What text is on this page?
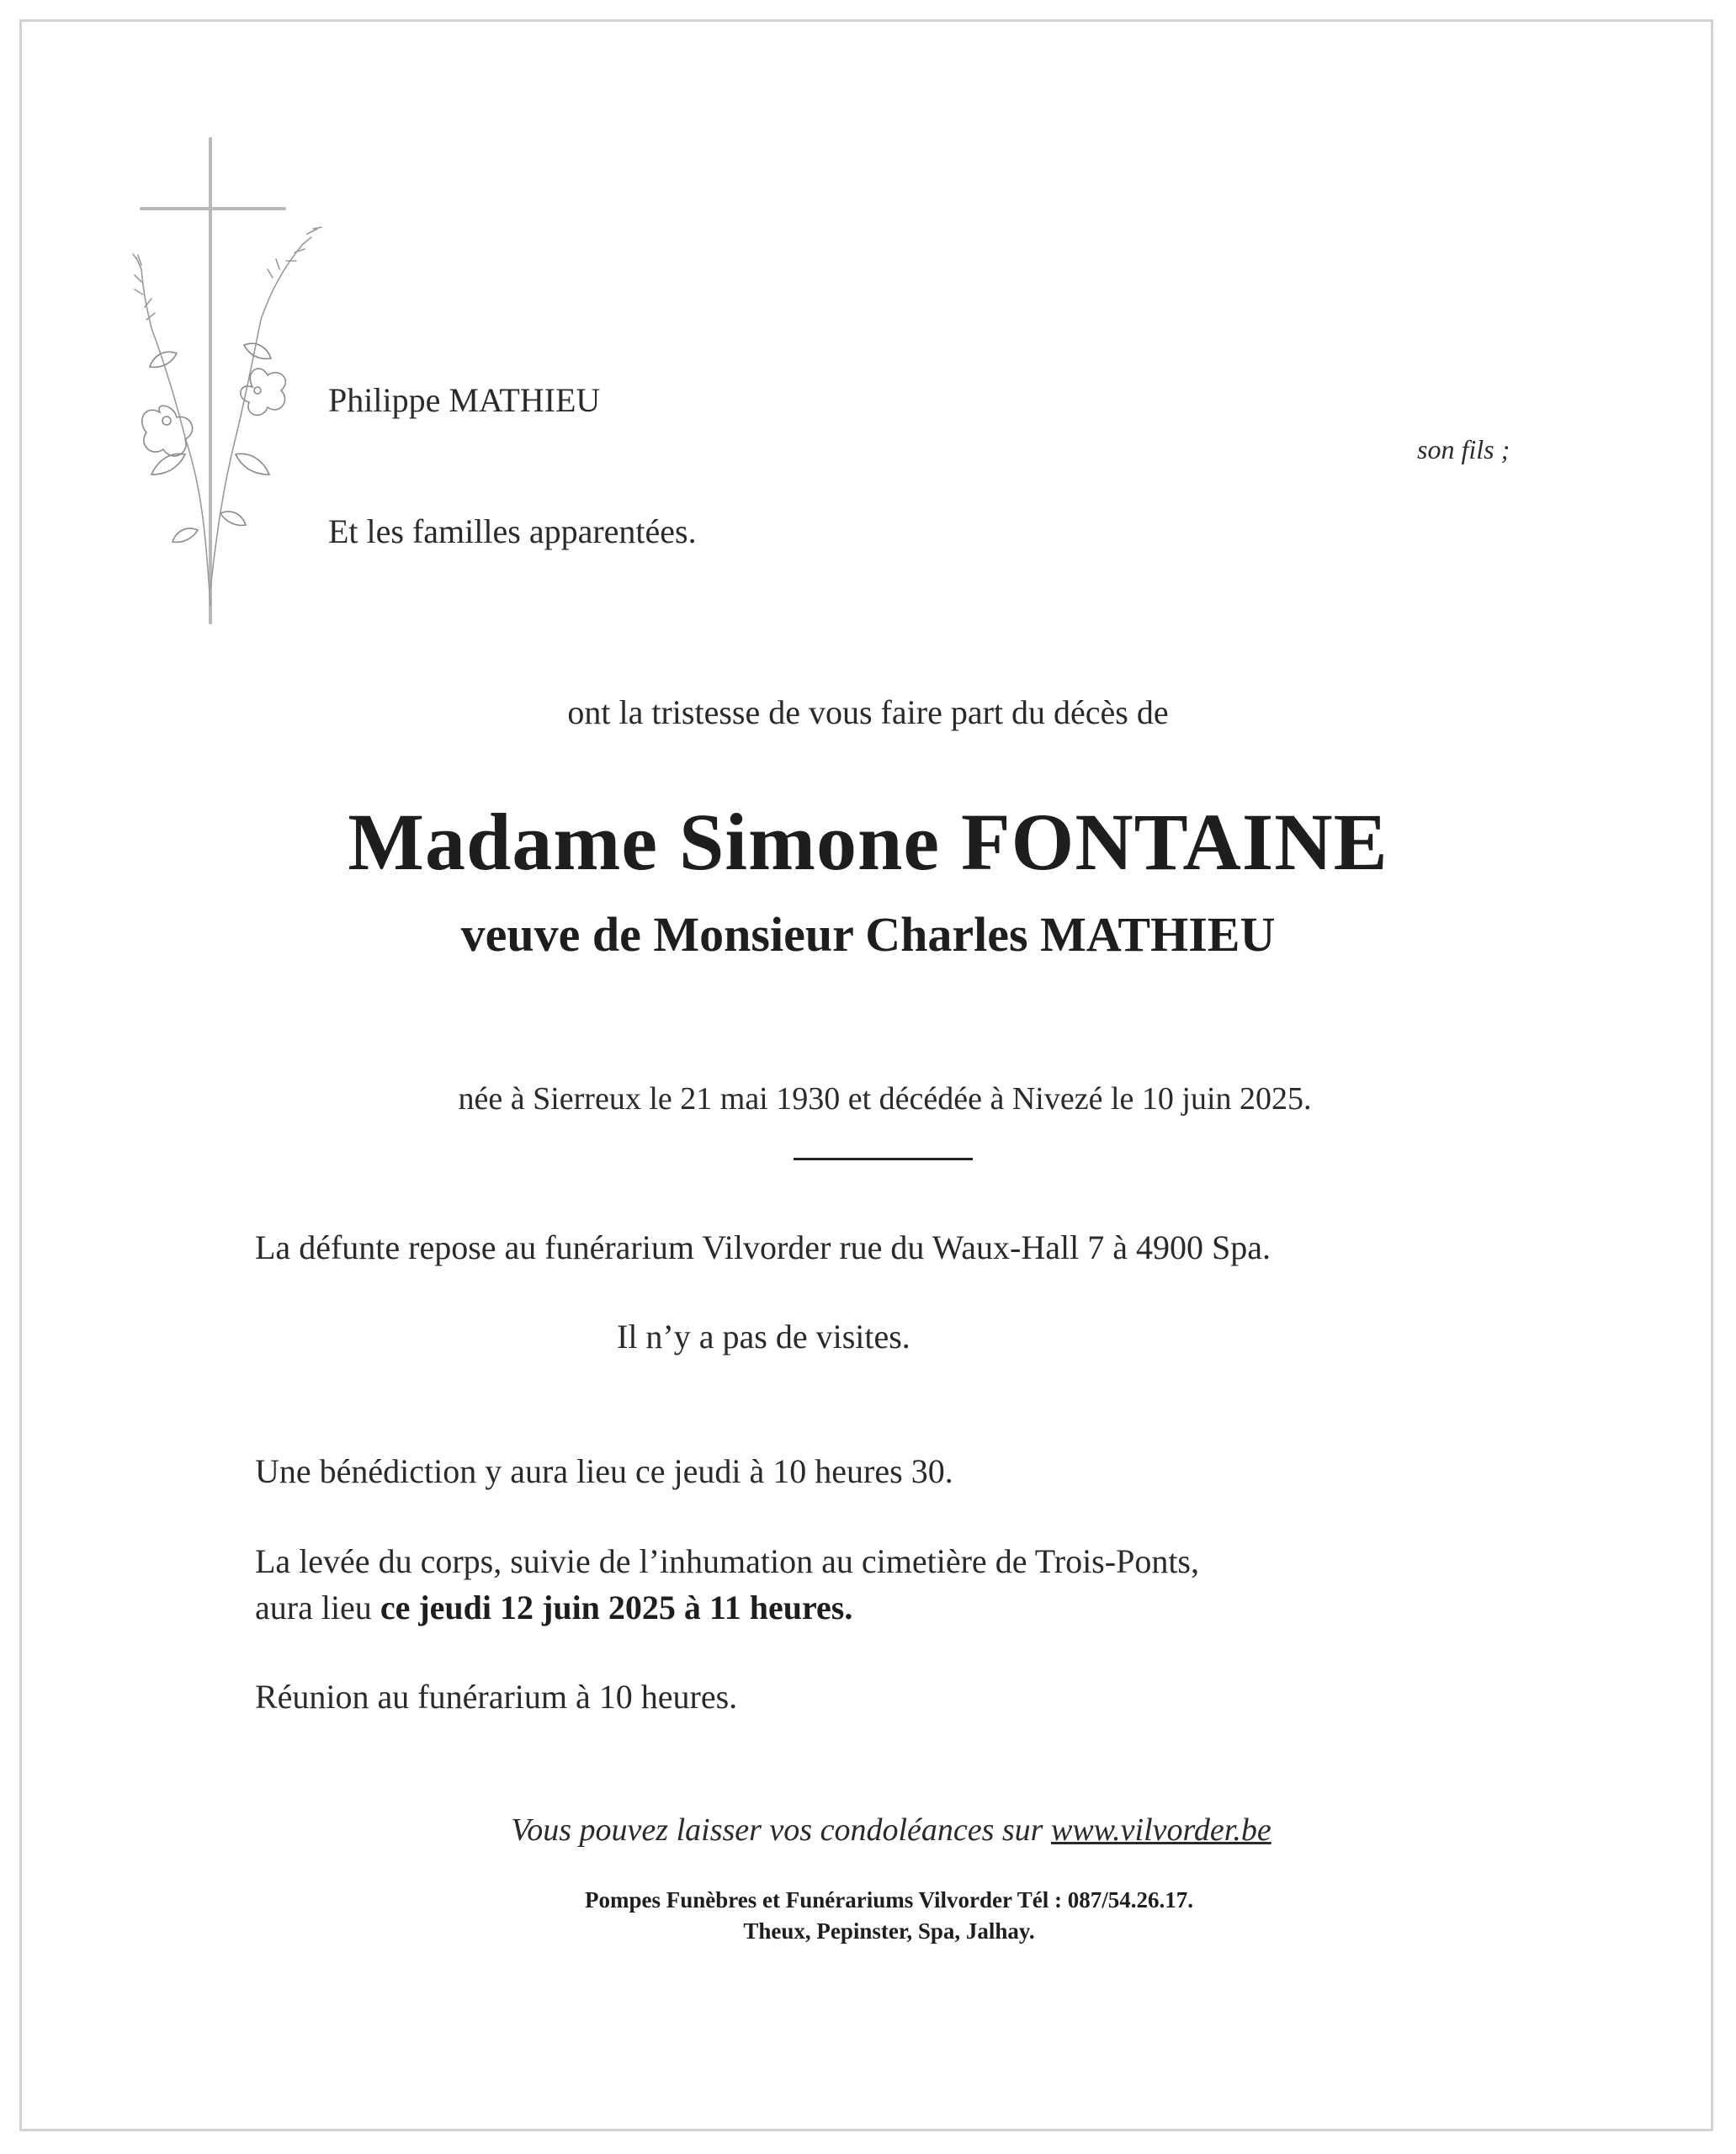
Philippe MATHIEU
son fils ;
Et les familles apparentées.
ont la tristesse de vous faire part du décès de
Madame Simone FONTAINE
veuve de Monsieur Charles MATHIEU
née à Sierreux le 21 mai 1930 et décédée à Nivezé le 10 juin 2025.
La défunte repose au funérarium Vilvorder rue du Waux-Hall 7 à 4900 Spa.
Il n’y a pas de visites.
Une bénédiction y aura lieu ce jeudi à 10 heures 30.
La levée du corps, suivie de l’inhumation au cimetière de Trois-Ponts,
aura lieu ce jeudi 12 juin 2025 à 11 heures.
Réunion au funérarium à 10 heures.
Vous pouvez laisser vos condoléances sur www.vilvorder.be
Pompes Funèbres et Funérariums Vilvorder Tél : 087/54.26.17.
Theux, Pepinster, Spa, Jalhay.
